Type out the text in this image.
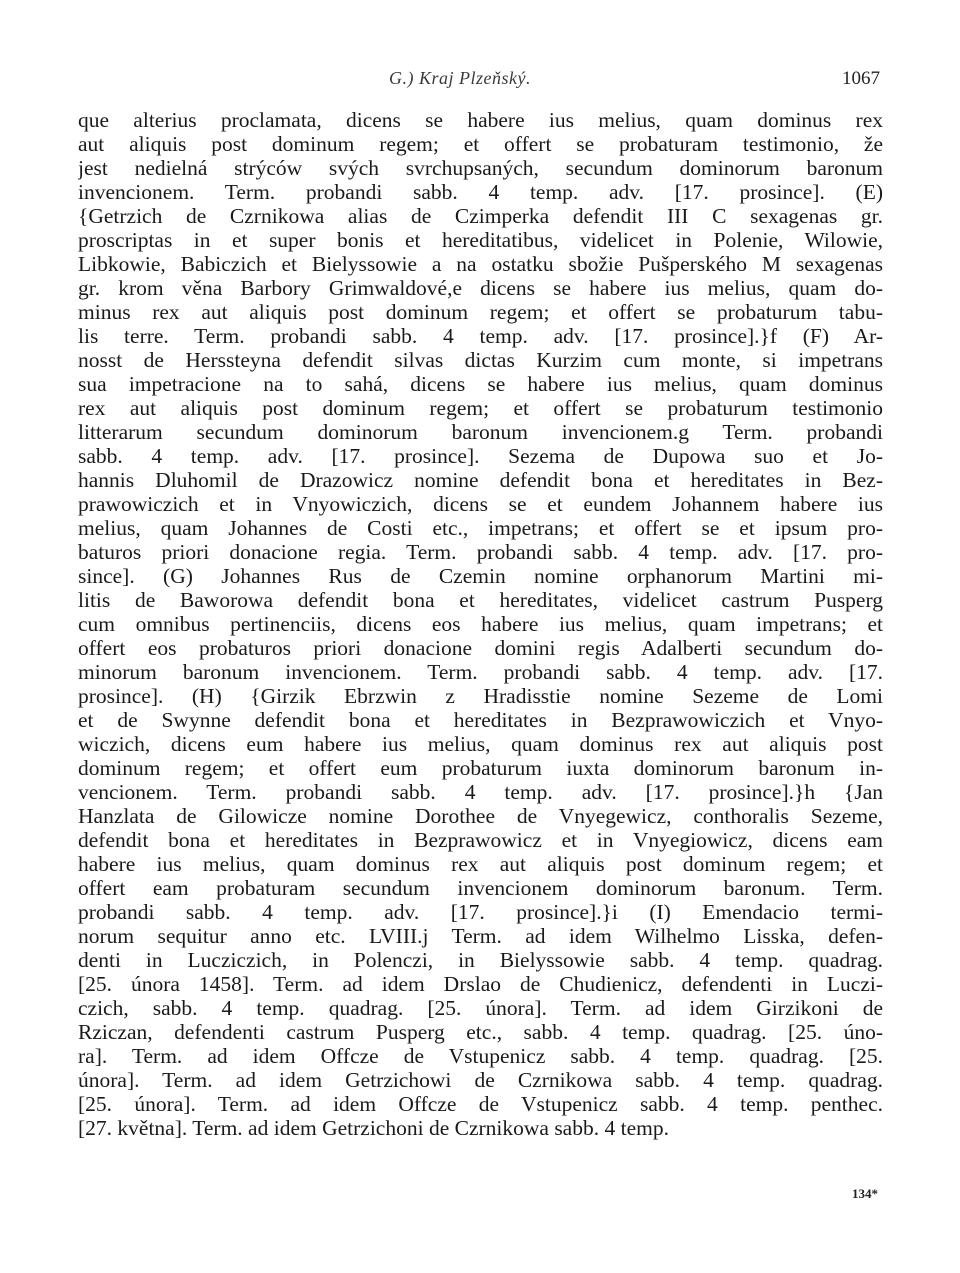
G.) Kraj Plzeňský.	1067
que alterius proclamata, dicens se habere ius melius, quam dominus rex
aut aliquis post dominum regem; et offert se probaturam testimonio, že
jest nedielná strýców svých svrchupsaných, secundum dominorum baronum
invencionem. Term. probandi sabb. 4 temp. adv. [17. prosince]. (E)
{Getrzich de Czrnikowa alias de Czimperka defendit III C sexagenas gr.
proscriptas in et super bonis et hereditatibus, videlicet in Polenie, Wilowie,
Libkowie, Babiczich et Bielyssowie a na ostatku sbožie Pušperského M sexagenas
gr. krom věna Barbory Grimwaldové,e dicens se habere ius melius, quam do-
minus rex aut aliquis post dominum regem; et offert se probaturum tabu-
lis terre. Term. probandi sabb. 4 temp. adv. [17. prosince].}f (F) Ar-
nosst de Herssteyna defendit silvas dictas Kurzim cum monte, si impetrans
sua impetracione na to sahá, dicens se habere ius melius, quam dominus
rex aut aliquis post dominum regem; et offert se probaturum testimonio
litterarum secundum dominorum baronum invencionem.g Term. probandi
sabb. 4 temp. adv. [17. prosince]. Sezema de Dupowa suo et Jo-
hannis Dluhomil de Drazowicz nomine defendit bona et hereditates in Bez-
prawowiczich et in Vnyowiczich, dicens se et eundem Johannem habere ius
melius, quam Johannes de Costi etc., impetrans; et offert se et ipsum pro-
baturos priori donacione regia. Term. probandi sabb. 4 temp. adv. [17. pro-
since]. (G) Johannes Rus de Czemin nomine orphanorum Martini mi-
litis de Baworowa defendit bona et hereditates, videlicet castrum Pusperg
cum omnibus pertinenciis, dicens eos habere ius melius, quam impetrans; et
offert eos probaturos priori donacione domini regis Adalberti secundum do-
minorum baronum invencionem. Term. probandi sabb. 4 temp. adv. [17.
prosince]. (H) {Girzik Ebrzwin z Hradisstie nomine Sezeme de Lomi
et de Swynne defendit bona et hereditates in Bezprawowiczich et Vnyo-
wiczich, dicens eum habere ius melius, quam dominus rex aut aliquis post
dominum regem; et offert eum probaturum iuxta dominorum baronum in-
vencionem. Term. probandi sabb. 4 temp. adv. [17. prosince].}h {Jan
Hanzlata de Gilowicze nomine Dorothee de Vnyegewicz, conthoralis Sezeme,
defendit bona et hereditates in Bezprawowicz et in Vnyegiowicz, dicens eam
habere ius melius, quam dominus rex aut aliquis post dominum regem; et
offert eam probaturam secundum invencionem dominorum baronum. Term.
probandi sabb. 4 temp. adv. [17. prosince].}i (I) Emendacio termi-
norum sequitur anno etc. LVIII.j Term. ad idem Wilhelmo Lisska, defen-
denti in Lucziczich, in Polenczi, in Bielyssowie sabb. 4 temp. quadrag.
[25. února 1458]. Term. ad idem Drslao de Chudienicz, defendenti in Luczi-
czich, sabb. 4 temp. quadrag. [25. února]. Term. ad idem Girzikoni de
Rziczan, defendenti castrum Pusperg etc., sabb. 4 temp. quadrag. [25. úno-
ra]. Term. ad idem Offcze de Vstupenicz sabb. 4 temp. quadrag. [25.
února]. Term. ad idem Getrzichowi de Czrnikowa sabb. 4 temp. quadrag.
[25. února]. Term. ad idem Offcze de Vstupenicz sabb. 4 temp. penthec.
[27. května]. Term. ad idem Getrzichoni de Czrnikowa sabb. 4 temp.
134*
